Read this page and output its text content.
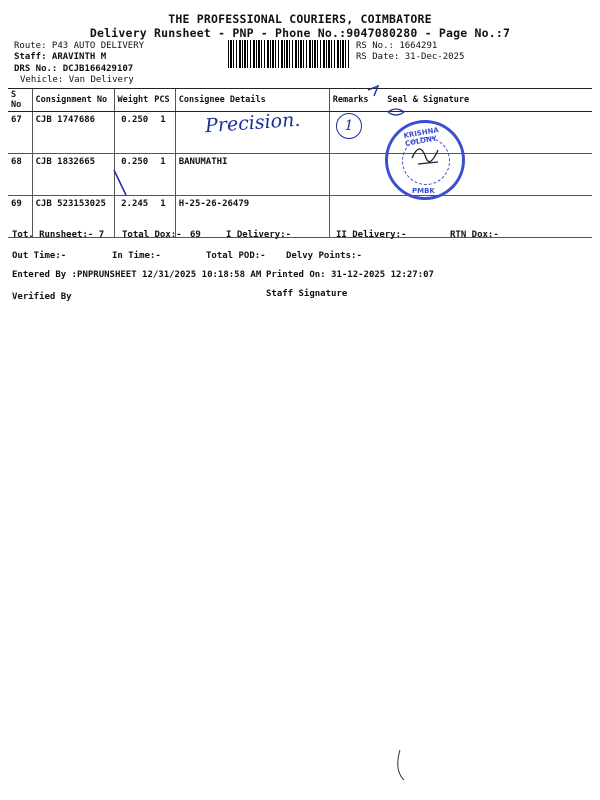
THE PROFESSIONAL COURIERS, COIMBATORE
Delivery Runsheet - PNP - Phone No.:9047080280 - Page No.:7
Route: P43 AUTO DELIVERY
Staff: ARAVINTH M
DRS No.: DCJB166429107
Vehicle: Van Delivery
RS No.: 1664291
RS Date: 31-Dec-2025
S No	Consignment No	Weight	PCS	Consignee Details	Remarks	Seal & Signature
67	CJB 1747686	0.250	1			
68	CJB 1832665	0.250	1	BANUMATHI		
69	CJB 523153025	2.245	1	H-25-26-26479		
Precision.	1	KRISHNA COLONY
PMBK
Tot. Runsheet:- 7 Total Dox:- 69	I Delivery:-	II Delivery:-	RTN Dox:-
Out Time:-	In Time:-	Total POD:- Delvy Points:-
Entered By :PNPRUNSHEET 12/31/2025 10:18:58 AM Printed On: 31-12-2025 12:27:07
Verified By	Staff Signature
